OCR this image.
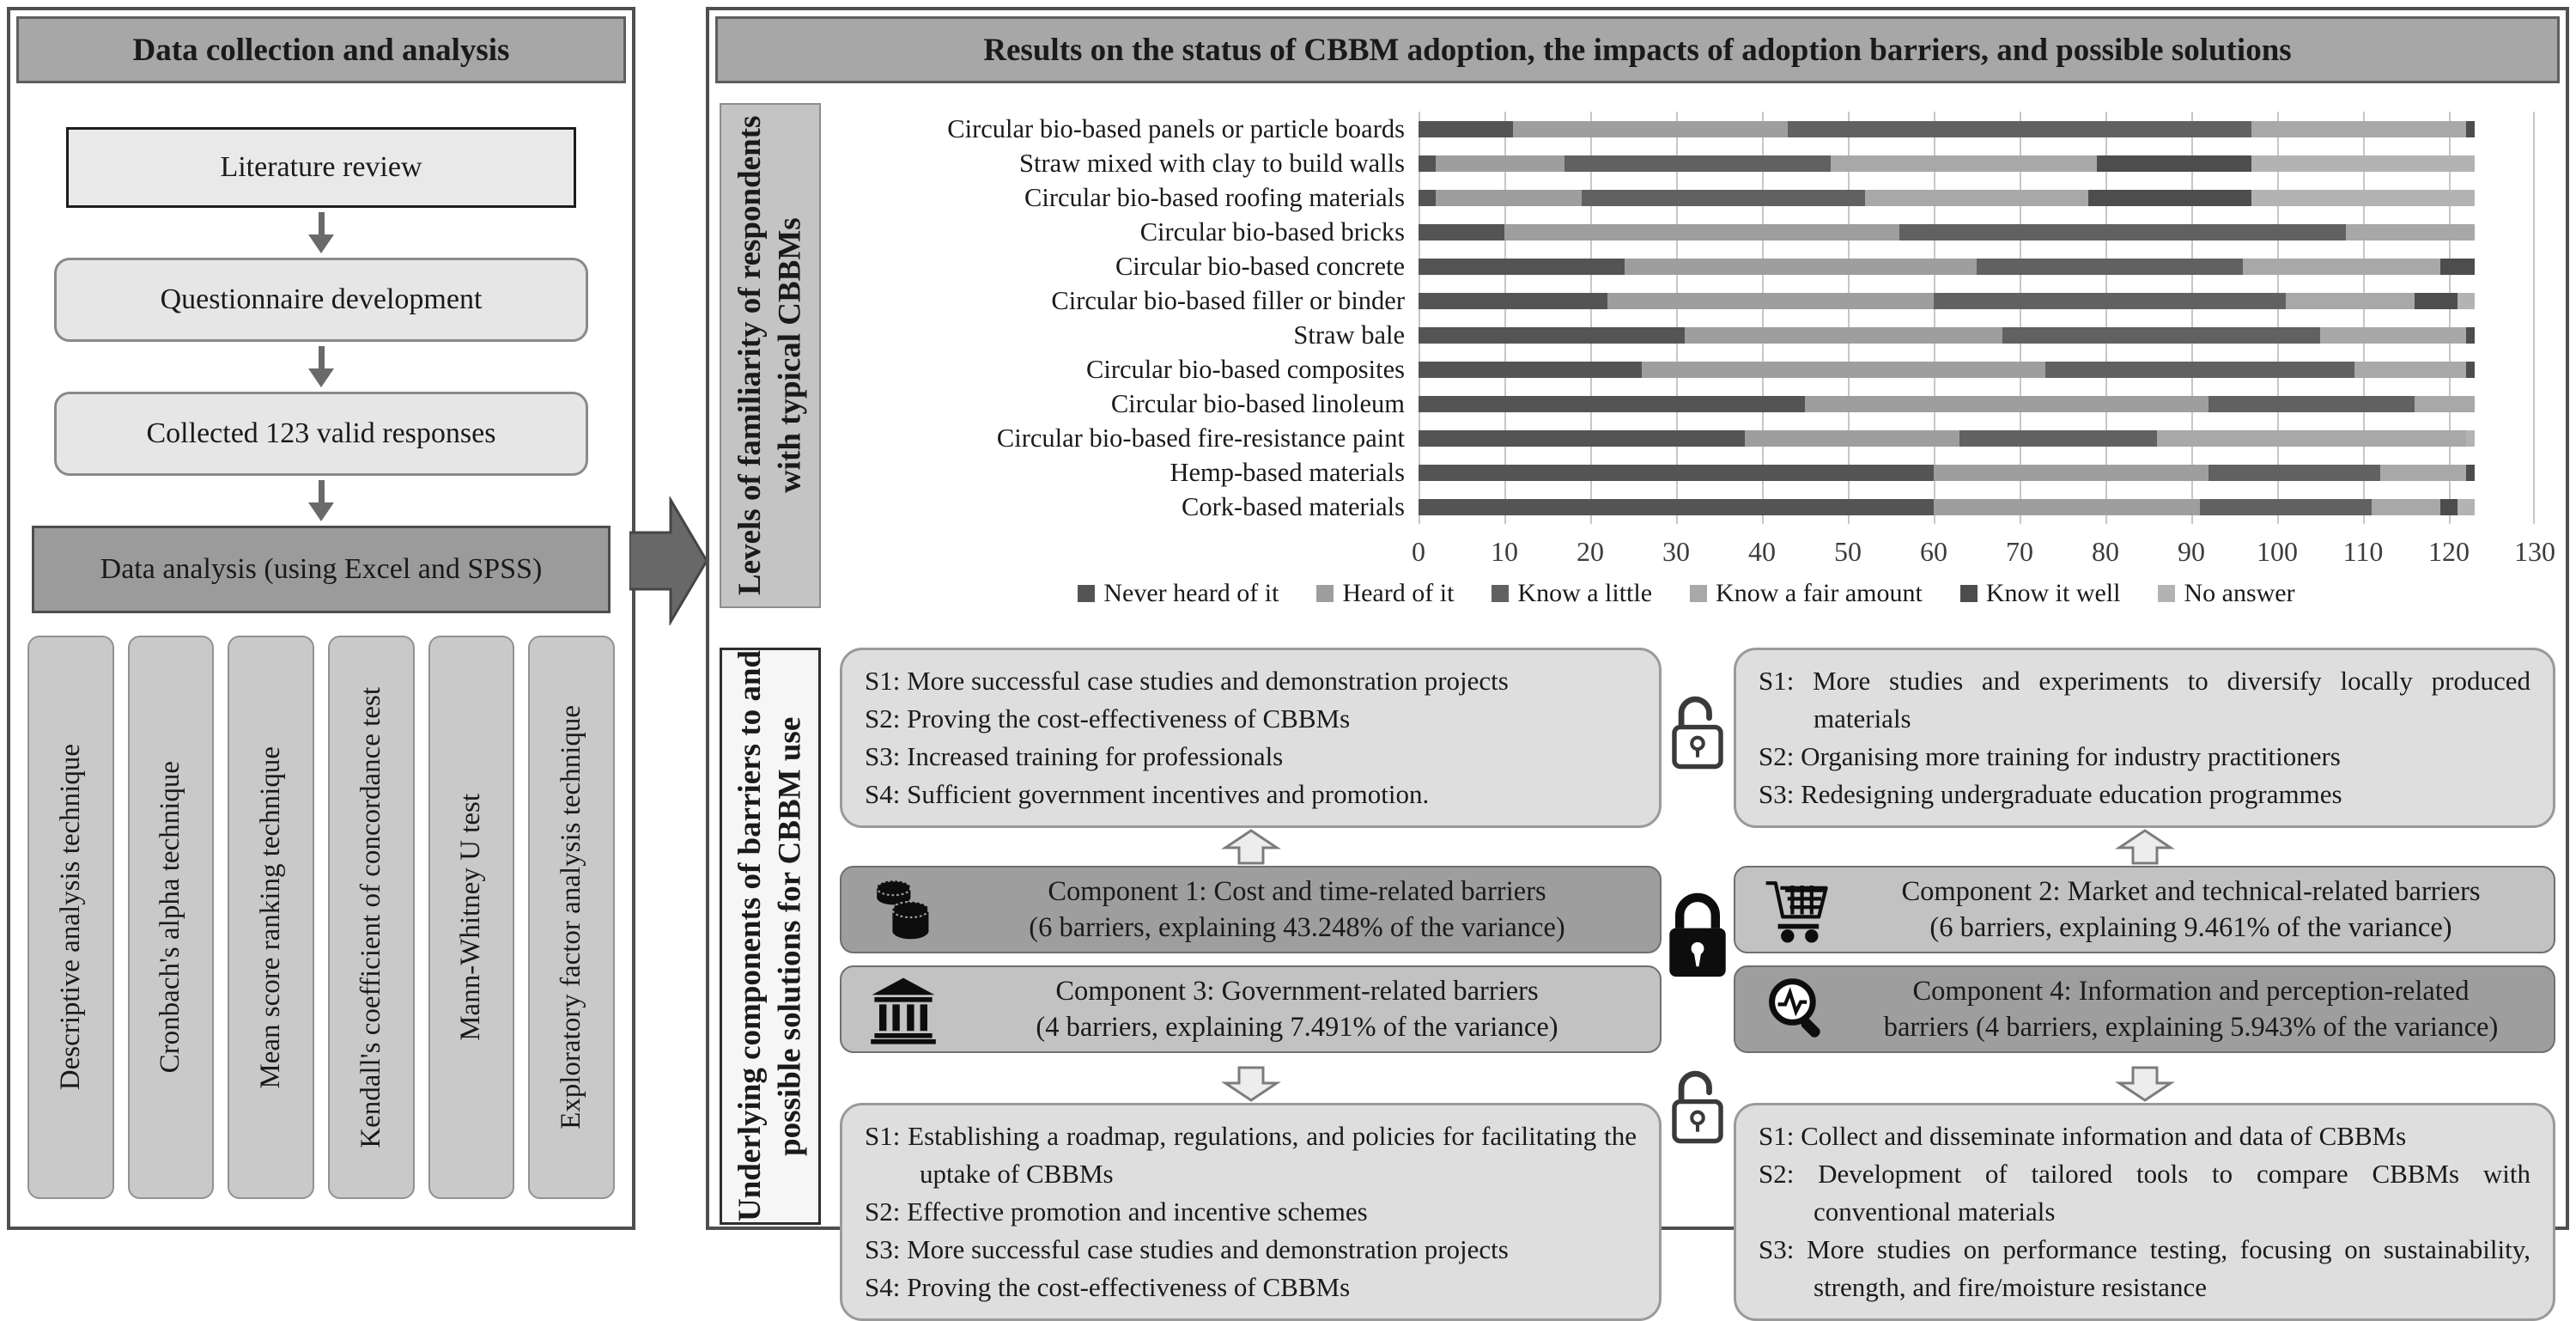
Data collection and analysis
Literature review
Questionnaire development
Collected 123 valid responses
Data analysis (using Excel and SPSS)
Descriptive analysis technique Cronbach's alpha technique Mean score ranking technique Kendall's coefficient of concordance test Mann-Whitney U test Exploratory factor analysis technique
Results on the status of CBBM adoption, the impacts of adoption barriers, and possible solutions
Levels of familiarity of respondents with typical CBBMs
Circular bio-based panels or particle boards
Straw mixed with clay to build walls
Circular bio-based roofing materials
Circular bio-based bricks
Circular bio-based concrete
Circular bio-based filler or binder
Straw bale
Circular bio-based composites
Circular bio-based linoleum
Circular bio-based fire-resistance paint
Hemp-based materials
Cork-based materials
0 10 20 30 40 50 60 70 80 90 100 110 120 130
Never heard of it Heard of it Know a little Know a fair amount Know it well No answer
Underlying components of barriers to and possible solutions for CBBM use
S1: More successful case studies and demonstration projects
S2: Proving the cost-effectiveness of CBBMs
S3: Increased training for professionals
S4: Sufficient government incentives and promotion.
Component 1: Cost and time-related barriers
(6 barriers, explaining 43.248% of the variance)
Component 3: Government-related barriers
(4 barriers, explaining 7.491% of the variance)
S1: Establishing a roadmap, regulations, and policies for facilitating the uptake of CBBMs
S2: Effective promotion and incentive schemes
S3: More successful case studies and demonstration projects
S4: Proving the cost-effectiveness of CBBMs
S1: More studies and experiments to diversify locally produced materials
S2: Organising more training for industry practitioners
S3: Redesigning undergraduate education programmes
Component 2: Market and technical-related barriers
(6 barriers, explaining 9.461% of the variance)
Component 4: Information and perception-related
barriers (4 barriers, explaining 5.943% of the variance)
S1: Collect and disseminate information and data of CBBMs
S2: Development of tailored tools to compare CBBMs with conventional materials
S3: More studies on performance testing, focusing on sustainability, strength, and fire/moisture resistance
